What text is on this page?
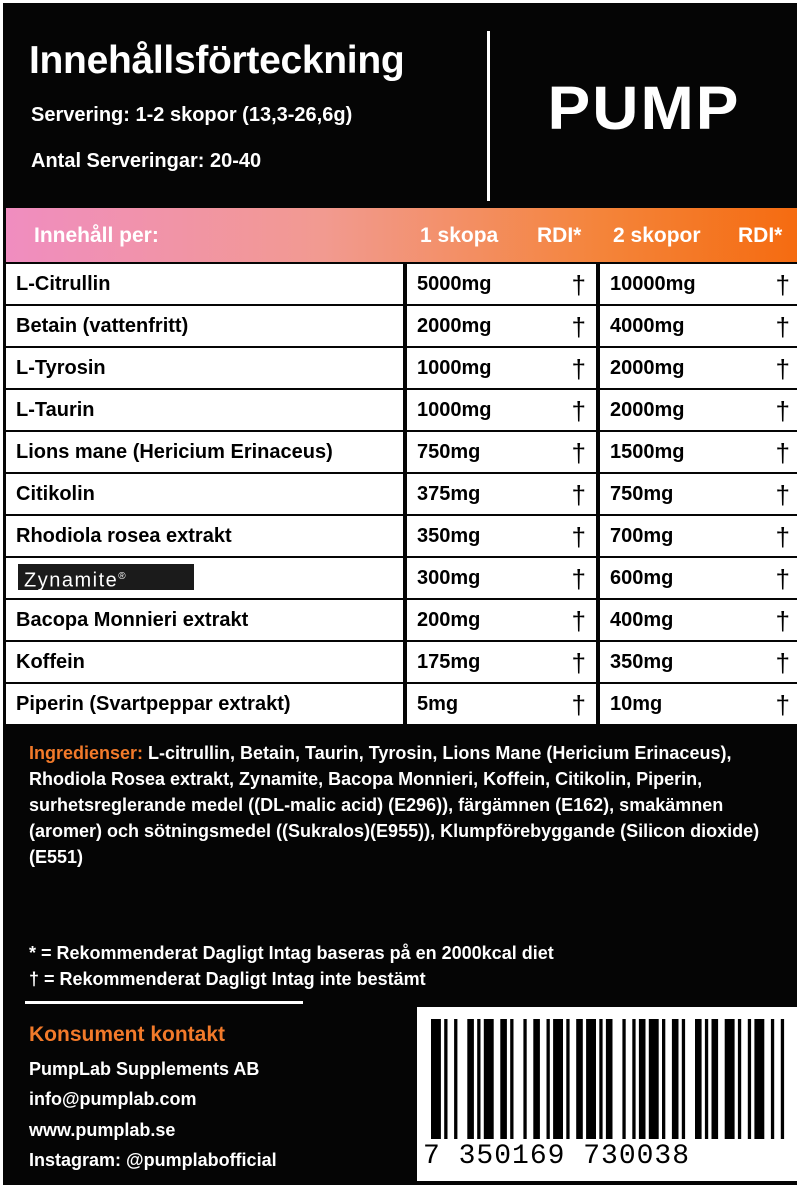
Innehållsförteckning
Servering: 1-2 skopor (13,3-26,6g)
Antal Serveringar: 20-40
PUMP
Innehåll per:	1 skopa RDI* 2 skopor RDI*
L-Citrullin	5000mg	† 10000mg	†
Betain (vattenfritt)	2000mg	† 4000mg	†
L-Tyrosin	1000mg	† 2000mg	†
L-Taurin	1000mg	† 2000mg	†
Lions mane (Hericium Erinaceus)	750mg	† 1500mg	†
Citikolin	375mg	† 750mg	†
Rhodiola rosea extrakt	350mg	† 700mg	†
Zynamite®	300mg	† 600mg	†
Bacopa Monnieri extrakt	200mg	† 400mg	†
Koffein	175mg	† 350mg	†
Piperin (Svartpeppar extrakt)	5mg	† 10mg	†
Ingredienser: L-citrullin, Betain, Taurin, Tyrosin, Lions Mane (Hericium Erinaceus), Rhodiola Rosea extrakt, Zynamite, Bacopa Monnieri, Koffein, Citikolin, Piperin, surhetsreglerande medel ((DL-malic acid) (E296)), färgämnen (E162), smakämnen (aromer) och sötningsmedel ((Sukralos)(E955)), Klumpförebyggande (Silicon dioxide) (E551)
* = Rekommenderat Dagligt Intag baseras på en 2000kcal diet
† = Rekommenderat Dagligt Intag inte bestämt
Konsument kontakt
PumpLab Supplements AB
info@pumplab.com
www.pumplab.se
Instagram: @pumplabofficial	7 350169 730038
